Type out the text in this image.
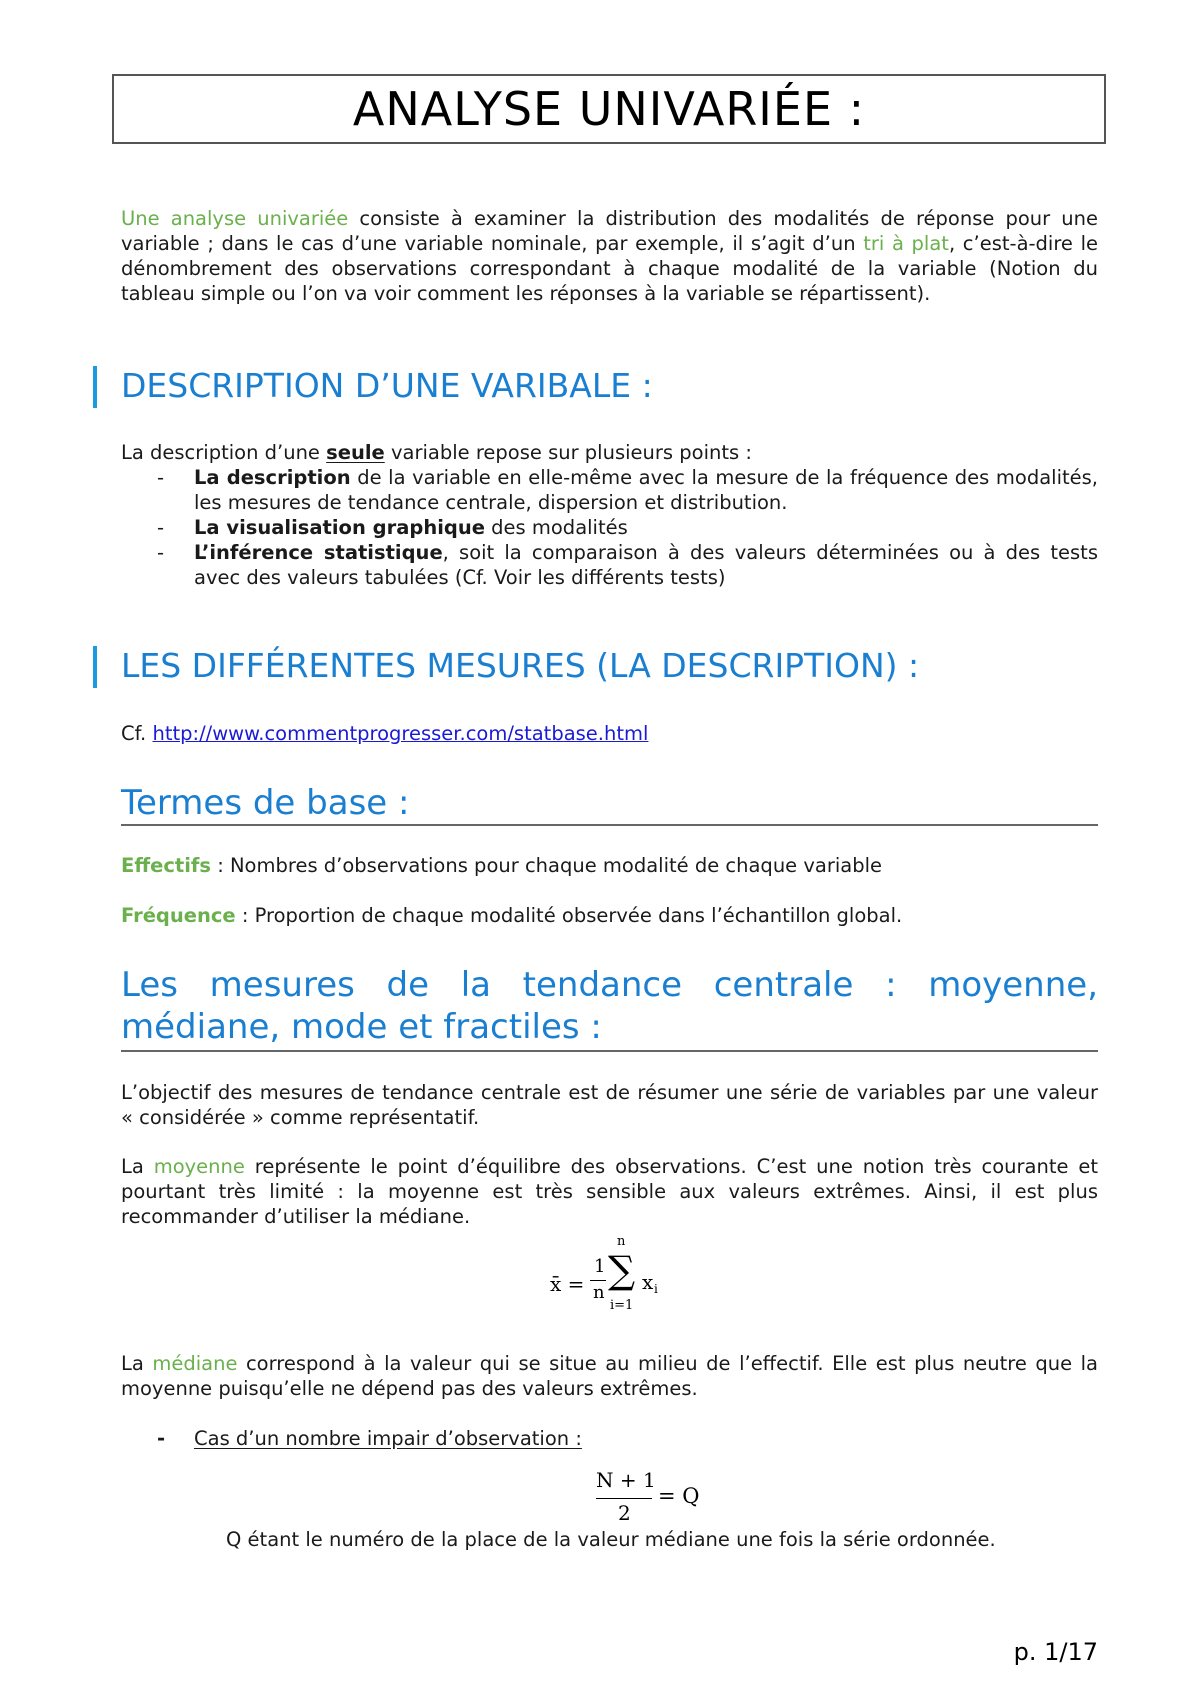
ANALYSE UNIVARIÉE :
Une analyse univariée consiste à examiner la distribution des modalités de réponse pour une variable ; dans le cas d’une variable nominale, par exemple, il s’agit d’un tri à plat, c’est-à-dire le dénombrement des observations correspondant à chaque modalité de la variable (Notion du tableau simple ou l’on va voir comment les réponses à la variable se répartissent).
DESCRIPTION D’UNE VARIBALE :
La description d’une seule variable repose sur plusieurs points :
- La description de la variable en elle-même avec la mesure de la fréquence des modalités, les mesures de tendance centrale, dispersion et distribution.
- La visualisation graphique des modalités
- L’inférence statistique, soit la comparaison à des valeurs déterminées ou à des tests avec des valeurs tabulées (Cf. Voir les différents tests)
LES DIFFÉRENTES MESURES (LA DESCRIPTION) :
Cf. http://www.commentprogresser.com/statbase.html
Termes de base :
Effectifs : Nombres d’observations pour chaque modalité de chaque variable
Fréquence : Proportion de chaque modalité observée dans l’échantillon global.
Les mesures de la tendance centrale : moyenne, médiane, mode et fractiles :
L’objectif des mesures de tendance centrale est de résumer une série de variables par une valeur « considérée » comme représentatif.
La moyenne représente le point d’équilibre des observations. C’est une notion très courante et pourtant très limité : la moyenne est très sensible aux valeurs extrêmes. Ainsi, il est plus recommander d’utiliser la médiane.
x̄ =
1
n
n
∑
i=1
x i
La médiane correspond à la valeur qui se situe au milieu de l’effectif. Elle est plus neutre que la moyenne puisqu’elle ne dépend pas des valeurs extrêmes.
- Cas d’un nombre impair d’observation :
N + 1
2
= Q
Q étant le numéro de la place de la valeur médiane une fois la série ordonnée.
p. 1/17
